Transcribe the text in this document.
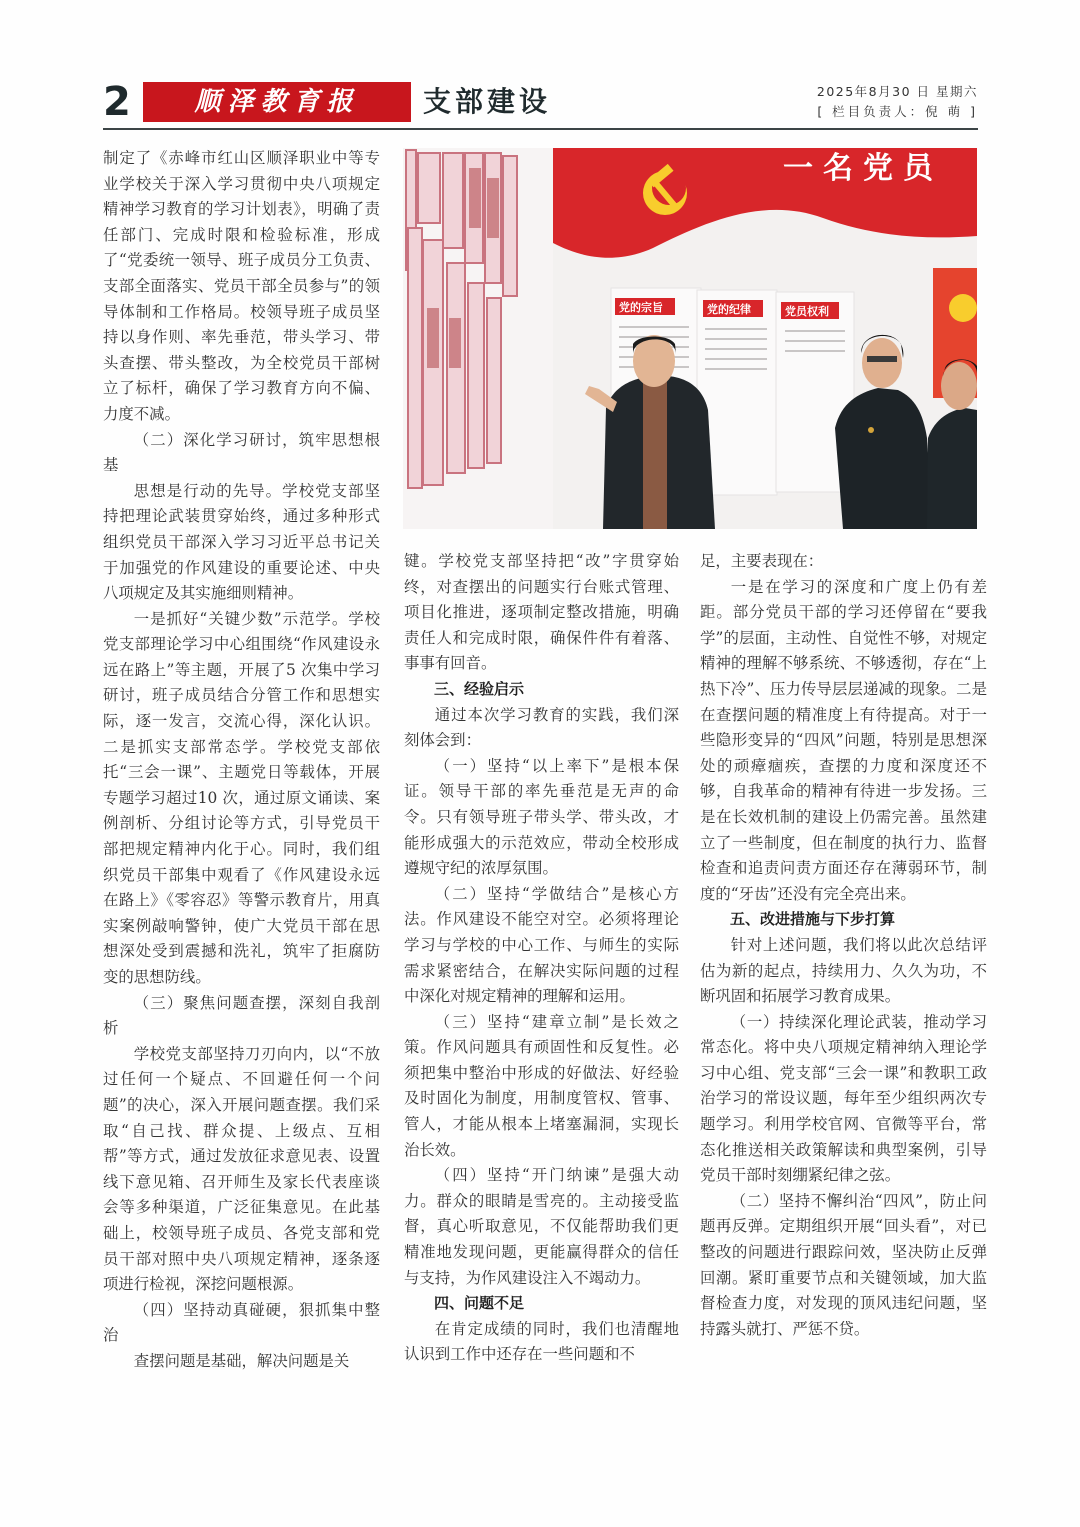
2	顺泽教育报	支部建设	2025年8月30 日 星期六
[ 栏目负责人：倪 萌 ]
一名党员
党的宗旨	党的纪律	党员权利

制定了《赤峰市红山区顺泽职业中等专业学校关于深入学习贯彻中央八项规定精神学习教育的学习计划表》，明确了责任部门、完成时限和检验标准，形成了“党委统一领导、班子成员分工负责、支部全面落实、党员干部全员参与”的领导体制和工作格局。校领导班子成员坚持以身作则、率先垂范，带头学习、带头查摆、带头整改，为全校党员干部树立了标杆，确保了学习教育方向不偏、力度不减。

（二）深化学习研讨，筑牢思想根基

思想是行动的先导。学校党支部坚持把理论武装贯穿始终，通过多种形式组织党员干部深入学习习近平总书记关于加强党的作风建设的重要论述、中央八项规定及其实施细则精神。

一是抓好“关键少数”示范学。学校党支部理论学习中心组围绕“作风建设永远在路上”等主题，开展了5 次集中学习研讨，班子成员结合分管工作和思想实际，逐一发言，交流心得，深化认识。二是抓实支部常态学。学校党支部依托“三会一课”、主题党日等载体，开展专题学习超过10 次，通过原文诵读、案例剖析、分组讨论等方式，引导党员干部把规定精神内化于心。同时，我们组织党员干部集中观看了《作风建设永远在路上》《零容忍》等警示教育片，用真实案例敲响警钟，使广大党员干部在思想深处受到震撼和洗礼，筑牢了拒腐防变的思想防线。

（三）聚焦问题查摆，深刻自我剖析

学校党支部坚持刀刃向内，以“不放过任何一个疑点、不回避任何一个问题”的决心，深入开展问题查摆。我们采取“自己找、群众提、上级点、互相帮”等方式，通过发放征求意见表、设置线下意见箱、召开师生及家长代表座谈会等多种渠道，广泛征集意见。在此基础上，校领导班子成员、各党支部和党员干部对照中央八项规定精神，逐条逐项进行检视，深挖问题根源。

（四）坚持动真碰硬，狠抓集中整治

查摆问题是基础，解决问题是关

键。学校党支部坚持把“改”字贯穿始终，对查摆出的问题实行台账式管理、项目化推进，逐项制定整改措施，明确责任人和完成时限，确保件件有着落、事事有回音。

三、经验启示

通过本次学习教育的实践，我们深刻体会到：

（一）坚持“以上率下”是根本保证。领导干部的率先垂范是无声的命令。只有领导班子带头学、带头改，才能形成强大的示范效应，带动全校形成遵规守纪的浓厚氛围。

（二）坚持“学做结合”是核心方法。作风建设不能空对空。必须将理论学习与学校的中心工作、与师生的实际需求紧密结合，在解决实际问题的过程中深化对规定精神的理解和运用。

（三）坚持“建章立制”是长效之策。作风问题具有顽固性和反复性。必须把集中整治中形成的好做法、好经验及时固化为制度，用制度管权、管事、管人，才能从根本上堵塞漏洞，实现长治长效。

（四）坚持“开门纳谏”是强大动力。群众的眼睛是雪亮的。主动接受监督，真心听取意见，不仅能帮助我们更精准地发现问题，更能赢得群众的信任与支持，为作风建设注入不竭动力。

四、问题不足

在肯定成绩的同时，我们也清醒地认识到工作中还存在一些问题和不

足，主要表现在：

一是在学习的深度和广度上仍有差距。部分党员干部的学习还停留在“要我学”的层面，主动性、自觉性不够，对规定精神的理解不够系统、不够透彻，存在“上热下冷”、压力传导层层递减的现象。二是在查摆问题的精准度上有待提高。对于一些隐形变异的“四风”问题，特别是思想深处的顽瘴痼疾，查摆的力度和深度还不够，自我革命的精神有待进一步发扬。三是在长效机制的建设上仍需完善。虽然建立了一些制度，但在制度的执行力、监督检查和追责问责方面还存在薄弱环节，制度的“牙齿”还没有完全亮出来。

五、改进措施与下步打算

针对上述问题，我们将以此次总结评估为新的起点，持续用力、久久为功，不断巩固和拓展学习教育成果。

（一）持续深化理论武装，推动学习常态化。将中央八项规定精神纳入理论学习中心组、党支部“三会一课”和教职工政治学习的常设议题，每年至少组织两次专题学习。利用学校官网、官微等平台，常态化推送相关政策解读和典型案例，引导党员干部时刻绷紧纪律之弦。

（二）坚持不懈纠治“四风”，防止问题再反弹。定期组织开展“回头看”，对已整改的问题进行跟踪问效，坚决防止反弹回潮。紧盯重要节点和关键领域，加大监督检查力度，对发现的顶风违纪问题，坚持露头就打、严惩不贷。
